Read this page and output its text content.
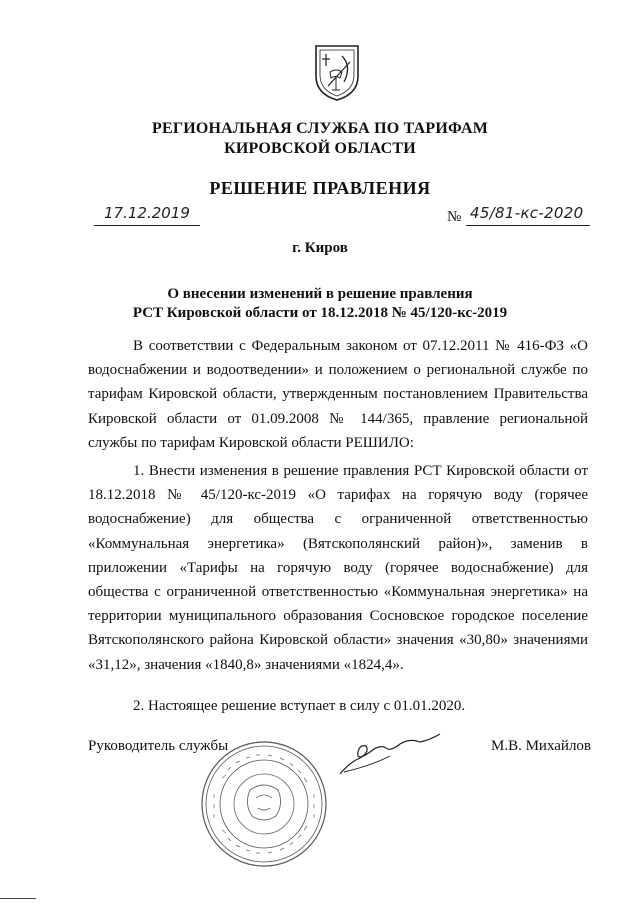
РЕГИОНАЛЬНАЯ СЛУЖБА ПО ТАРИФАМ
КИРОВСКОЙ ОБЛАСТИ
РЕШЕНИЕ ПРАВЛЕНИЯ
17.12.2019	№ 45/81-кс-2020
г. Киров
О внесении изменений в решение правления
РСТ Кировской области от 18.12.2018 № 45/120-кс-2019

В соответствии с Федеральным законом от 07.12.2011 № 416-ФЗ «О водоснабжении и водоотведении» и положением о региональной службе по тарифам Кировской области, утвержденным постановлением Правительства Кировской области от 01.09.2008 № 144/365, правление региональной службы по тарифам Кировской области РЕШИЛО:

1. Внести изменения в решение правления РСТ Кировской области от 18.12.2018 № 45/120-кс-2019 «О тарифах на горячую воду (горячее водоснабжение) для общества с ограниченной ответственностью «Коммунальная энергетика» (Вятскополянский район)», заменив в приложении «Тарифы на горячую воду (горячее водоснабжение) для общества с ограниченной ответственностью «Коммунальная энергетика» на территории муниципального образования Сосновское городское поселение Вятскополянского района Кировской области» значения «30,80» значениями «31,12», значения «1840,8» значениями «1824,4».

2. Настоящее решение вступает в силу с 01.01.2020.

Руководитель службы	М.В. Михайлов
